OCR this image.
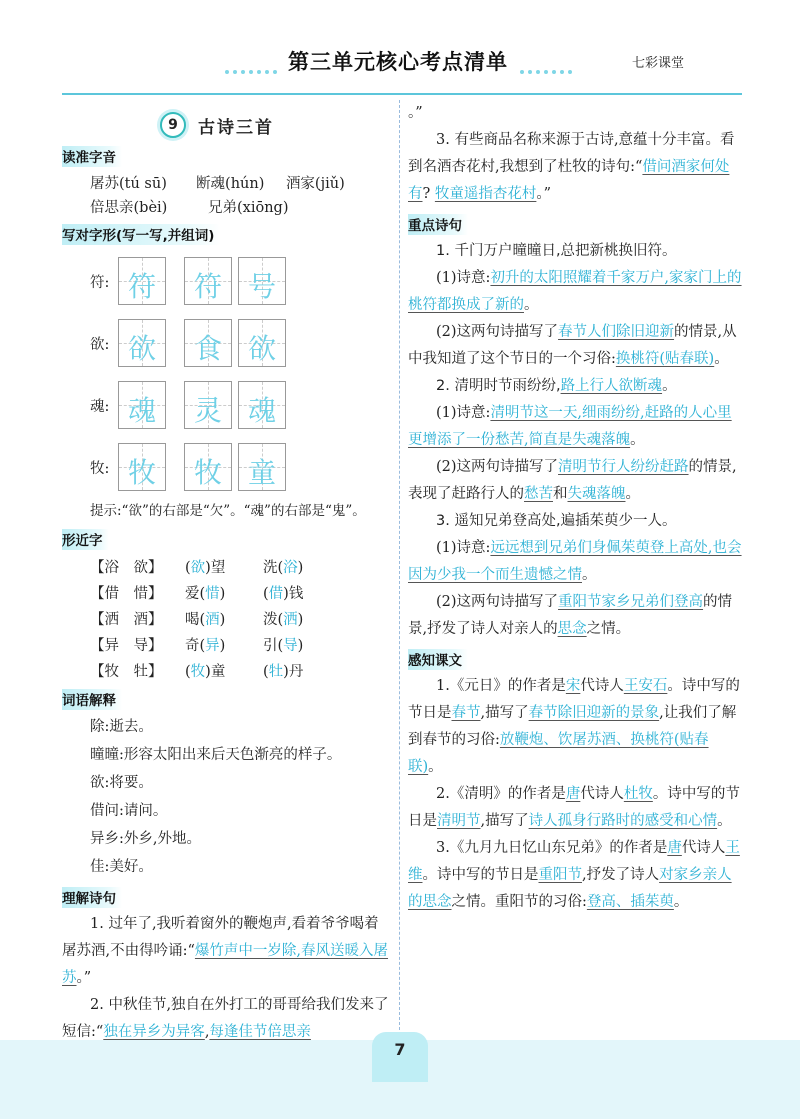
第三单元核心考点清单	七彩课堂
9	古诗三首
读准字音
屠苏(tú sū)	断魂(hún)	酒家(jiǔ)
倍思亲(bèi)	兄弟(xiōng)
写对字形(写一写,并组词)
符: 符	符 号
欲: 欲	食 欲
魂: 魂	灵 魂
牧: 牧	牧 童

提示:“欲”的右部是“欠”。“魂”的右部是“鬼”。

形近字
【浴　欲】	(欲)望	洗(浴)
【借　惜】	爱(惜)	(借)钱
【洒　酒】	喝(酒)	泼(洒)
【异　导】	奇(异)	引(导)
【牧　牡】	(牧)童	(牡)丹
词语解释
除:逝去。
曈曈:形容太阳出来后天色渐亮的样子。
欲:将要。
借问:请问。
异乡:外乡,外地。
佳:美好。
理解诗句

1. 过年了,我听着窗外的鞭炮声,看着爷爷喝着屠苏酒,不由得吟诵:“爆竹声中一岁除,春风送暖入屠苏。”

2. 中秋佳节,独自在外打工的哥哥给我们发来了短信:“独在异乡为异客,每逢佳节倍思亲

。”

3. 有些商品名称来源于古诗,意蕴十分丰富。看到名酒杏花村,我想到了杜牧的诗句:“借问酒家何处有? 牧童遥指杏花村。”

重点诗句

1. 千门万户曈曈日,总把新桃换旧符。

(1)诗意:初升的太阳照耀着千家万户,家家门上的桃符都换成了新的。

(2)这两句诗描写了春节人们除旧迎新的情景,从中我知道了这个节日的一个习俗:换桃符(贴春联)。

2. 清明时节雨纷纷,路上行人欲断魂。

(1)诗意:清明节这一天,细雨纷纷,赶路的人心里更增添了一份愁苦,简直是失魂落魄。

(2)这两句诗描写了清明节行人纷纷赶路的情景,表现了赶路行人的愁苦和失魂落魄。

3. 遥知兄弟登高处,遍插茱萸少一人。

(1)诗意:远远想到兄弟们身佩茱萸登上高处,也会因为少我一个而生遗憾之情。

(2)这两句诗描写了重阳节家乡兄弟们登高的情景,抒发了诗人对亲人的思念之情。

感知课文

1.《元日》的作者是宋代诗人王安石。诗中写的节日是春节,描写了春节除旧迎新的景象,让我们了解到春节的习俗:放鞭炮、饮屠苏酒、换桃符(贴春联)。

2.《清明》的作者是唐代诗人杜牧。诗中写的节日是清明节,描写了诗人孤身行路时的感受和心情。

3.《九月九日忆山东兄弟》的作者是唐代诗人王维。诗中写的节日是重阳节,抒发了诗人对家乡亲人的思念之情。重阳节的习俗:登高、插茱萸。

7
